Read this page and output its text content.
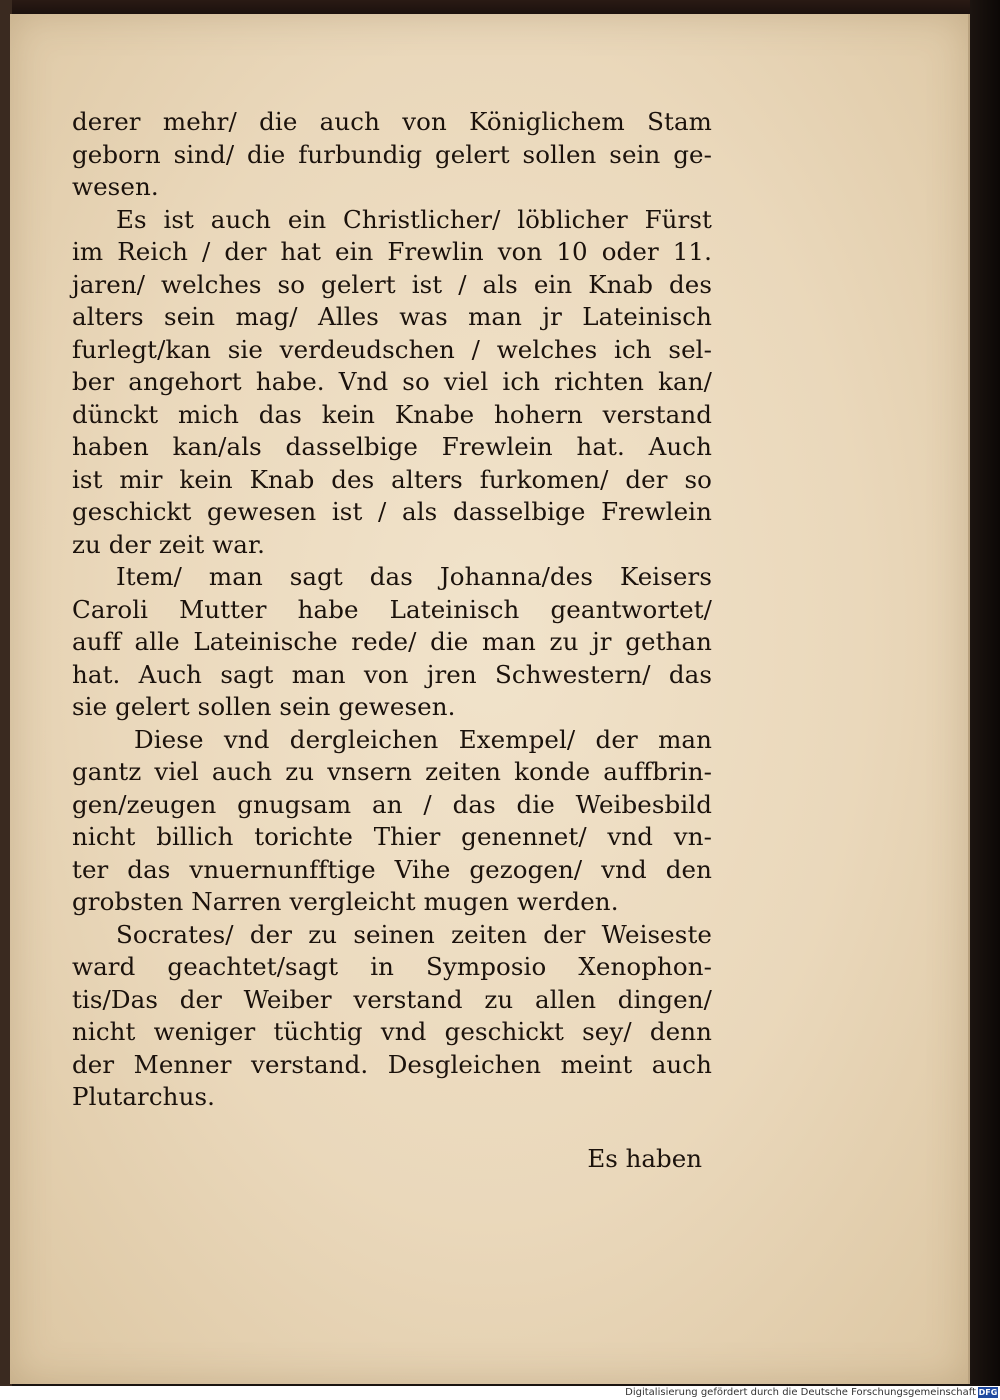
derer mehr/ die auch von Königlichem Stam
geborn sind/ die furbundig gelert sollen sein ge-
wesen.
Es ist auch ein Christlicher/ löblicher Fürst
im Reich / der hat ein Frewlin von 10 oder 11.
jaren/ welches so gelert ist / als ein Knab des
alters sein mag/ Alles was man jr Lateinisch
furlegt/kan sie verdeudschen / welches ich sel-
ber angehort habe. Vnd so viel ich richten kan/
dünckt mich das kein Knabe hohern verstand
haben kan/als dasselbige Frewlein hat. Auch
ist mir kein Knab des alters furkomen/ der so
geschickt gewesen ist / als dasselbige Frewlein
zu der zeit war.
Item/ man sagt das Johanna/des Keisers
Caroli Mutter habe Lateinisch geantwortet/
auff alle Lateinische rede/ die man zu jr gethan
hat. Auch sagt man von jren Schwestern/ das
sie gelert sollen sein gewesen.
Diese vnd dergleichen Exempel/ der man
gantz viel auch zu vnsern zeiten konde auffbrin-
gen/zeugen gnugsam an / das die Weibesbild
nicht billich torichte Thier genennet/ vnd vn-
ter das vnuernunfftige Vihe gezogen/ vnd den
grobsten Narren vergleicht mugen werden.
Socrates/ der zu seinen zeiten der Weiseste
ward geachtet/sagt in Symposio Xenophon-
tis/Das der Weiber verstand zu allen dingen/
nicht weniger tüchtig vnd geschickt sey/ denn
der Menner verstand. Desgleichen meint auch
Plutarchus.
Es haben
Digitalisierung gefördert durch die Deutsche Forschungsgemeinschaft DFG
